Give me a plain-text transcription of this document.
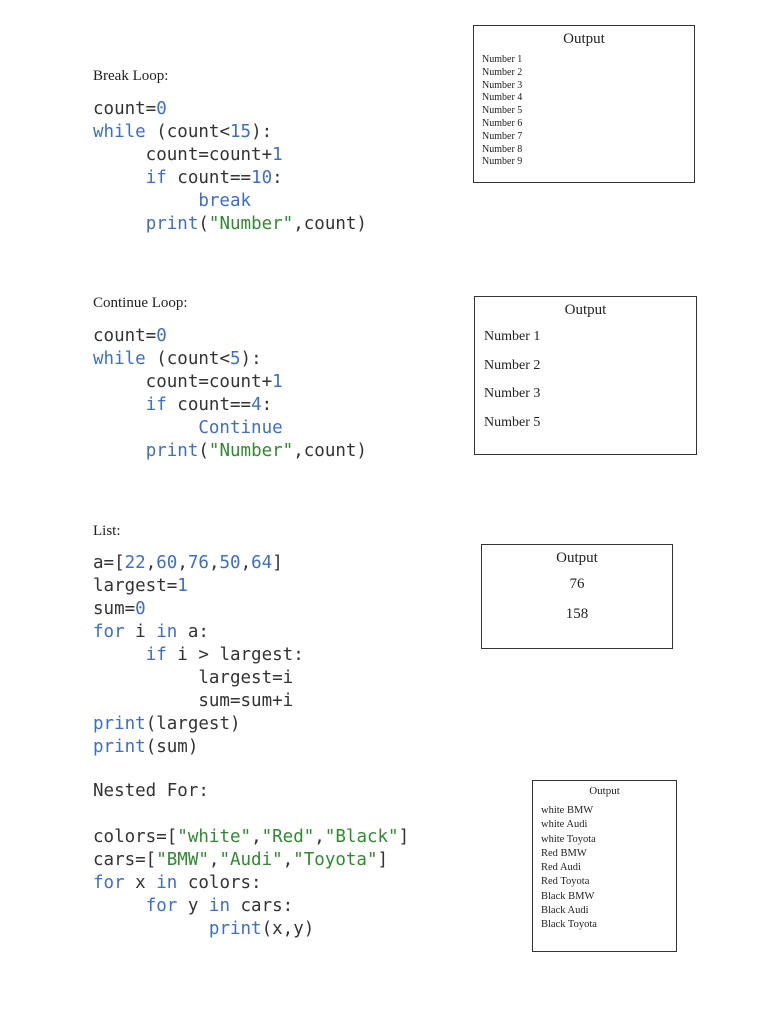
Break Loop:
count=0
while (count<15):
count=count+1
if count==10:
break
print("Number",count)
Output
Number 1
Number 2
Number 3
Number 4
Number 5
Number 6
Number 7
Number 8
Number 9
Continue Loop:
count=0
while (count<5):
count=count+1
if count==4:
Continue
print("Number",count)
Output
Number 1
Number 2
Number 3
Number 5
List:
a=[22,60,76,50,64]
largest=1
sum=0
for i in a:
if i > largest:
largest=i
sum=sum+i
print(largest)
print(sum)
Output
76
158
Nested For:
colors=["white","Red","Black"]
cars=["BMW","Audi","Toyota"]
for x in colors:
for y in cars:
print(x,y)
Output
white BMW
white Audi
white Toyota
Red BMW
Red Audi
Red Toyota
Black BMW
Black Audi
Black Toyota
